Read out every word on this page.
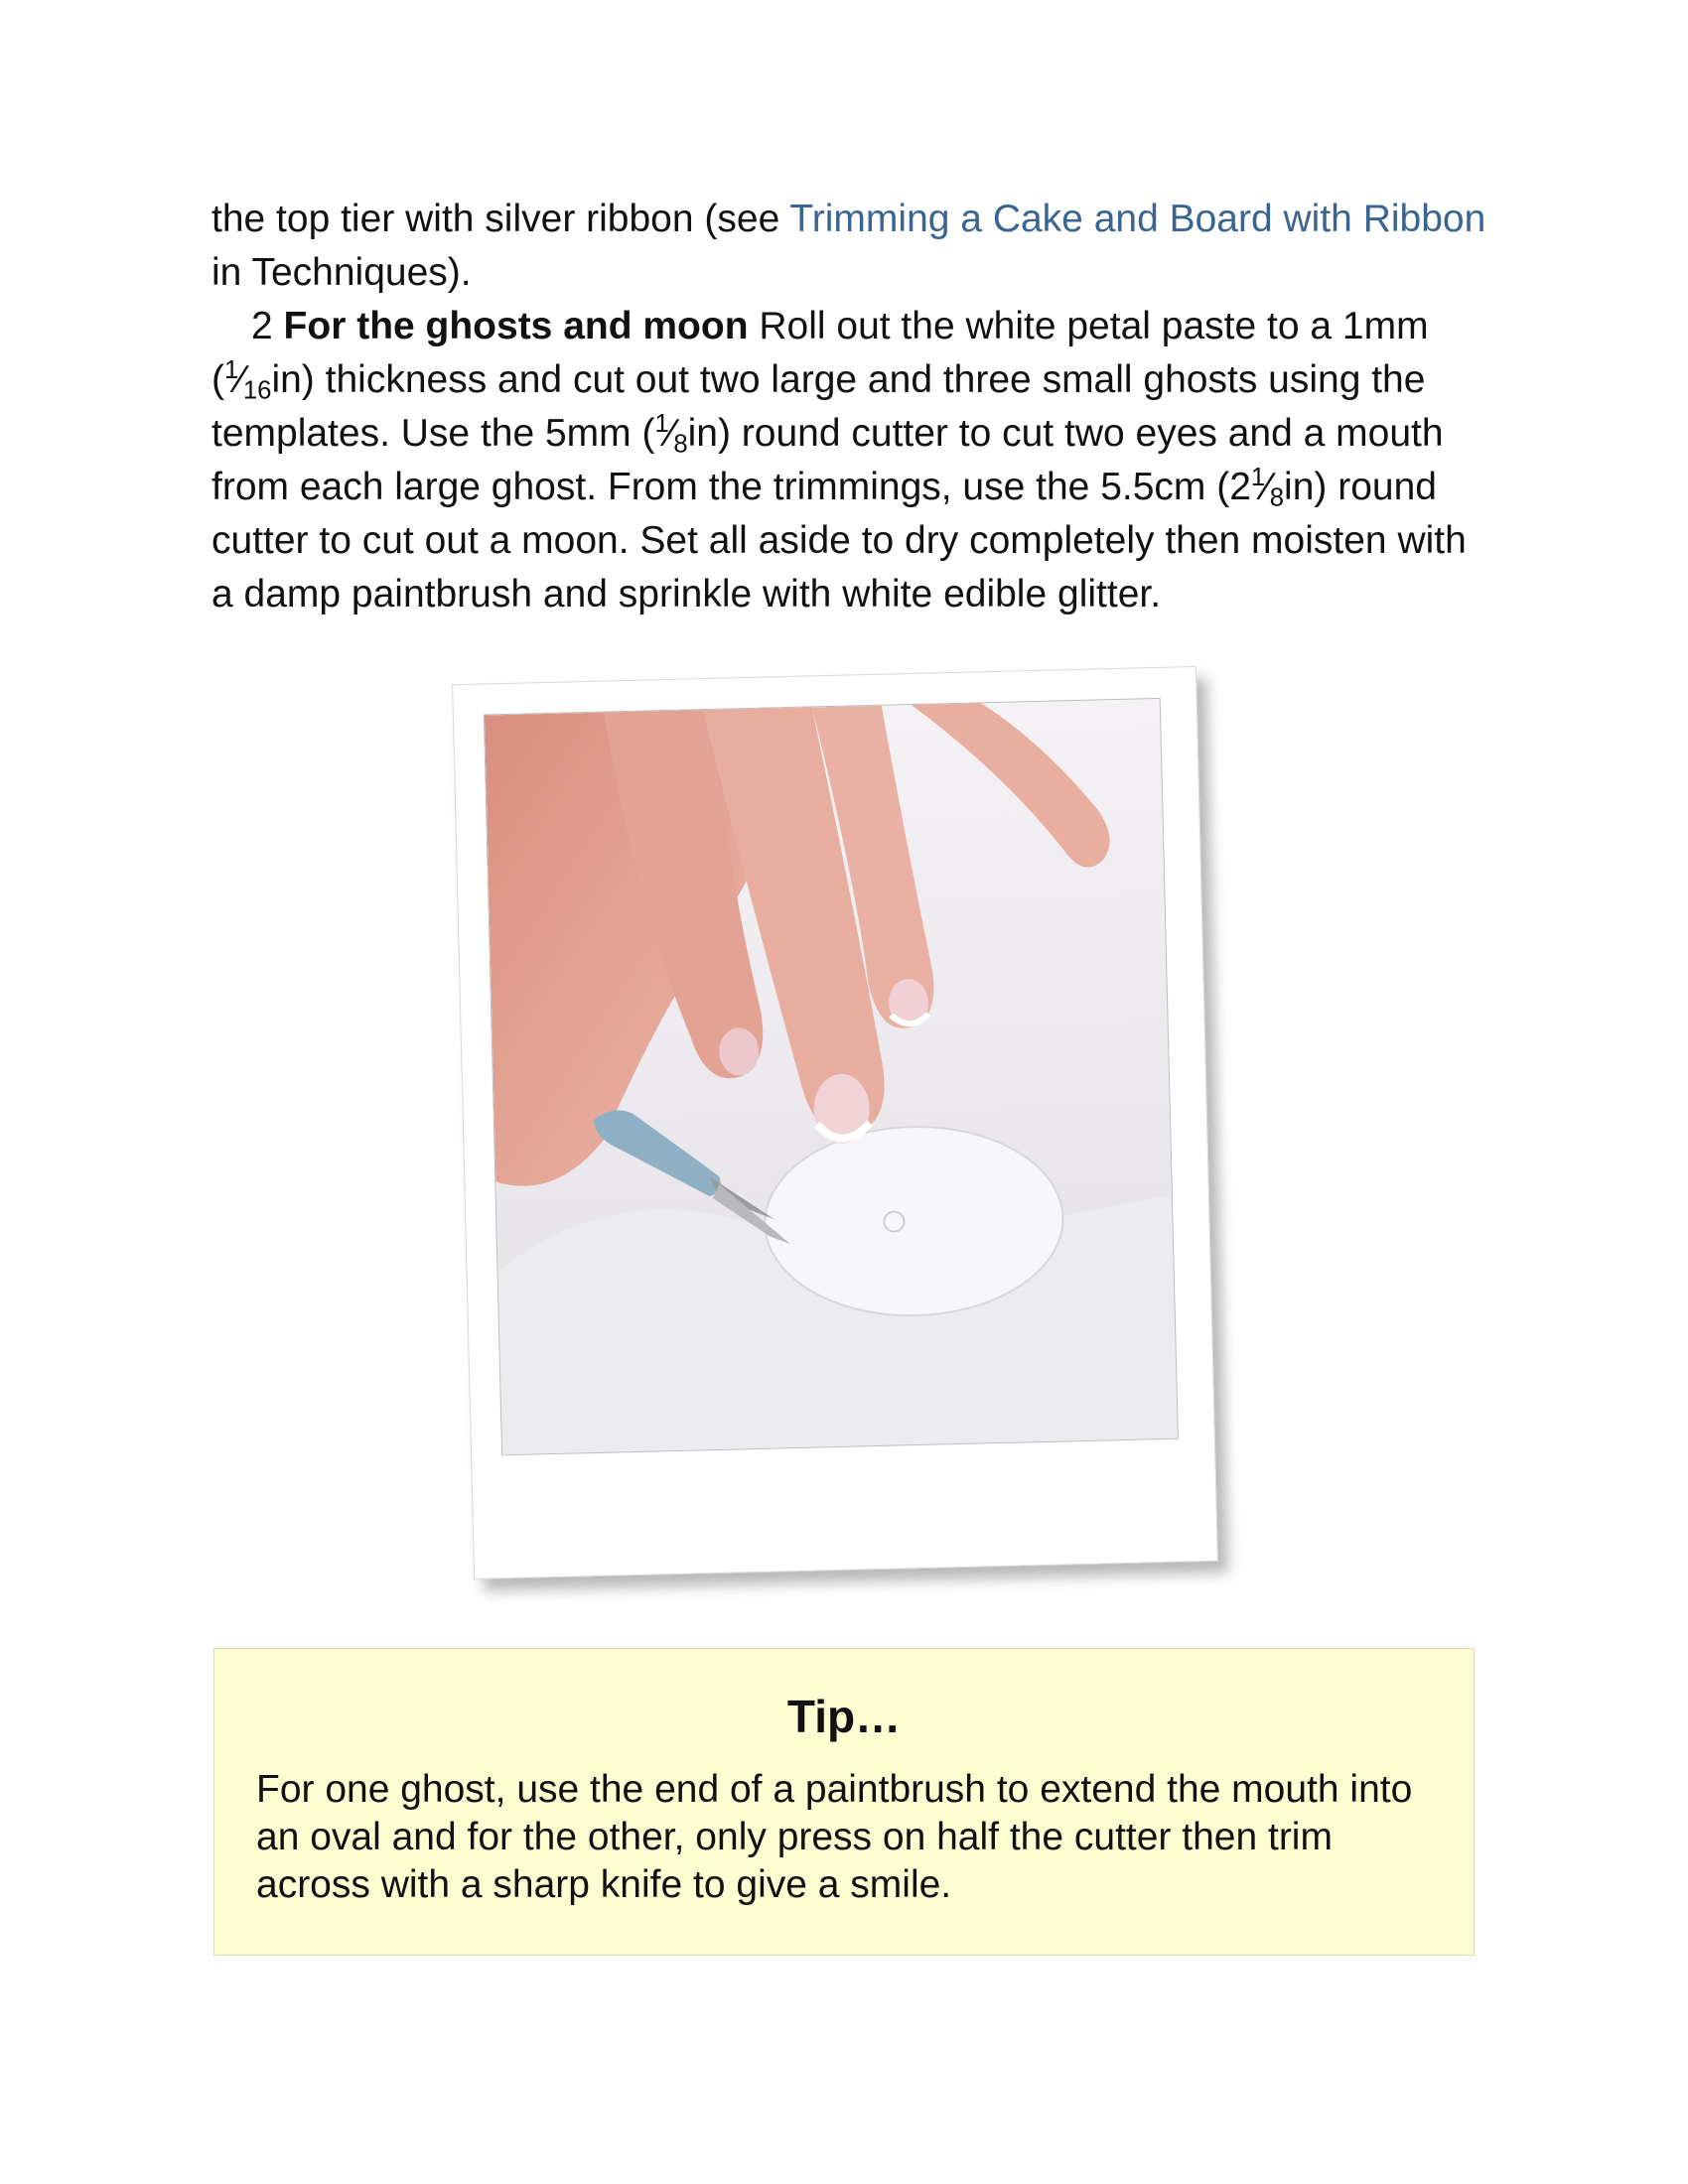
the top tier with silver ribbon (see Trimming a Cake and Board with Ribbon in Techniques).

2 For the ghosts and moon Roll out the white petal paste to a 1mm $(^1⁄_{16}in)$ thickness and cut out two large and three small ghosts using the templates. Use the 5mm $(^1⁄_8in)$ round cutter to cut two eyes and a mouth from each large ghost. From the trimmings, use the 5.5cm $(2^1⁄_8in)$ round cutter to cut out a moon. Set all aside to dry completely then moisten with a damp paintbrush and sprinkle with white edible glitter.

Tip…
For one ghost, use the end of a paintbrush to extend the mouth into an oval and for the other, only press on half the cutter then trim across with a sharp knife to give a smile.
